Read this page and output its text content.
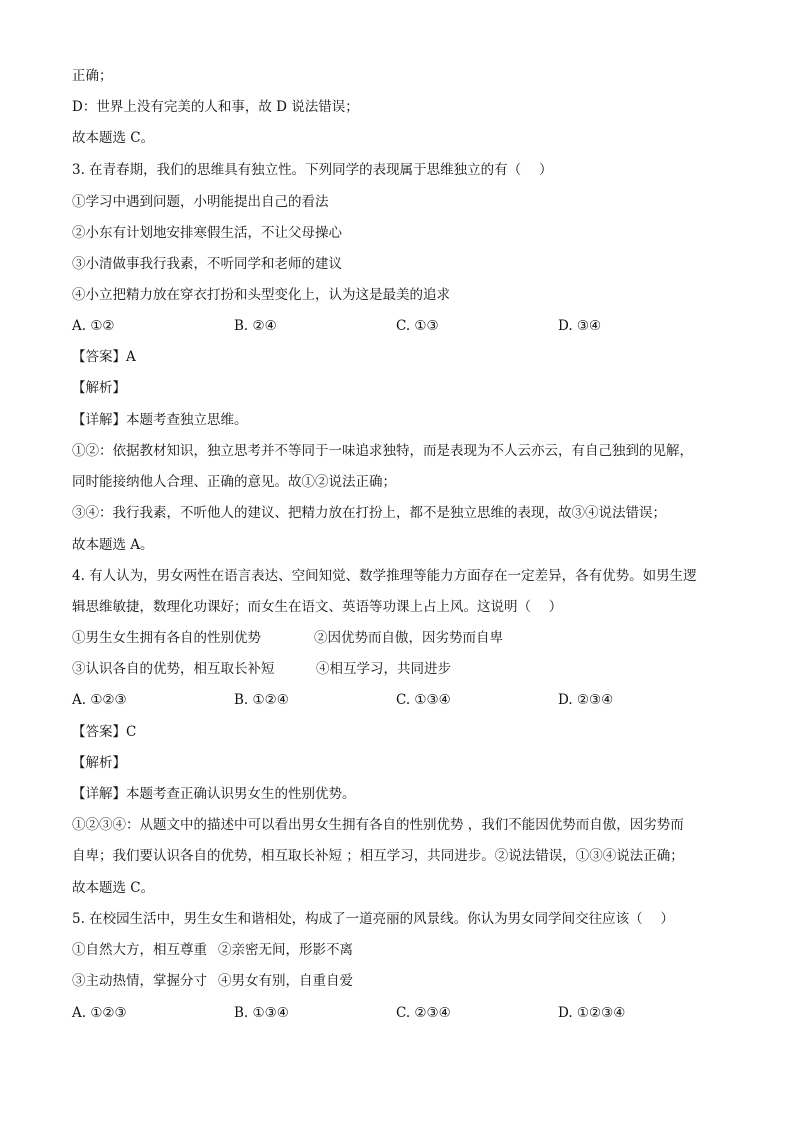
正确；
D：世界上没有完美的人和事，故 D 说法错误；
故本题选 C。
3. 在青春期，我们的思维具有独立性。下列同学的表现属于思维独立的有（　 ）
①学习中遇到问题，小明能提出自己的看法
②小东有计划地安排寒假生活，不让父母操心
③小清做事我行我素，不听同学和老师的建议
④小立把精力放在穿衣打扮和头型变化上，认为这是最美的追求
A. ①②	B. ②④	C. ①③	D. ③④
【答案】A
【解析】
【详解】本题考查独立思维。
①②：依据教材知识，独立思考并不等同于一味追求独特，而是表现为不人云亦云，有自己独到的见解，
同时能接纳他人合理、正确的意见。故①②说法正确；
③④：我行我素，不听他人的建议、把精力放在打扮上，都不是独立思维的表现，故③④说法错误；
故本题选 A。
4. 有人认为，男女两性在语言表达、空间知觉、数学推理等能力方面存在一定差异，各有优势。如男生逻
辑思维敏捷，数理化功课好；而女生在语文、英语等功课上占上风。这说明（　 ）
①男生女生拥有各自的性别优势	②因优势而自傲，因劣势而自卑
③认识各自的优势，相互取长补短	④相互学习，共同进步
A. ①②③	B. ①②④	C. ①③④	D. ②③④
【答案】C
【解析】
【详解】本题考查正确认识男女生的性别优势。
①②③④：从题文中的描述中可以看出男女生拥有各自的性别优势 ，我们不能因优势而自傲，因劣势而
自卑；我们要认识各自的优势，相互取长补短 ；相互学习，共同进步。②说法错误，①③④说法正确；
故本题选 C。
5. 在校园生活中，男生女生和谐相处，构成了一道亮丽的风景线。你认为男女同学间交往应该（　 ）
①自然大方，相互尊重 ②亲密无间，形影不离
③主动热情，掌握分寸 ④男女有别，自重自爱
A. ①②③	B. ①③④	C. ②③④	D. ①②③④
